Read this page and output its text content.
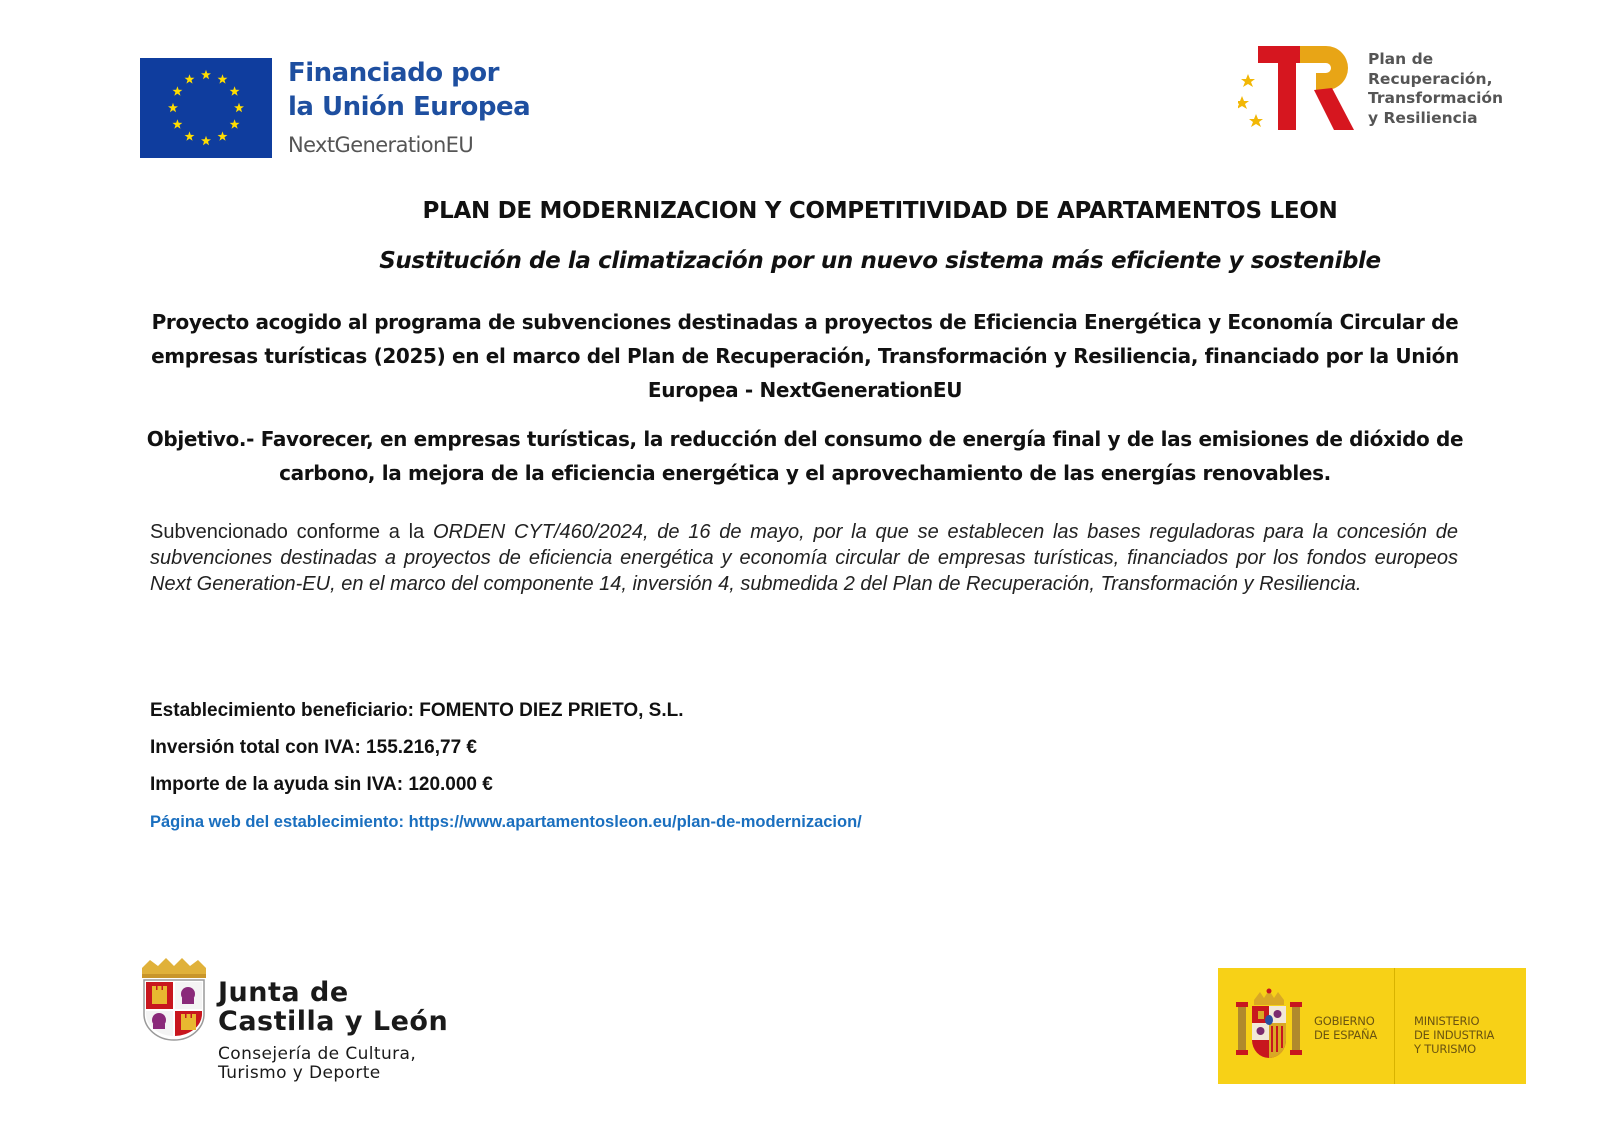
Financiado por
la Unión Europea
NextGenerationEU
Plan de
Recuperación,
Transformación
y Resiliencia
PLAN DE MODERNIZACION Y COMPETITIVIDAD DE APARTAMENTOS LEON
Sustitución de la climatización por un nuevo sistema más eficiente y sostenible
Proyecto acogido al programa de subvenciones destinadas a proyectos de Eficiencia Energética y Economía Circular de empresas turísticas (2025) en el marco del Plan de Recuperación, Transformación y Resiliencia, financiado por la Unión Europea - NextGenerationEU
Objetivo.- Favorecer, en empresas turísticas, la reducción del consumo de energía final y de las emisiones de dióxido de carbono, la mejora de la eficiencia energética y el aprovechamiento de las energías renovables.
Subvencionado conforme a la ORDEN CYT/460/2024, de 16 de mayo, por la que se establecen las bases reguladoras para la concesión de subvenciones destinadas a proyectos de eficiencia energética y economía circular de empresas turísticas, financiados por los fondos europeos Next Generation-EU, en el marco del componente 14, inversión 4, submedida 2 del Plan de Recuperación, Transformación y Resiliencia.
Establecimiento beneficiario: FOMENTO DIEZ PRIETO, S.L.
Inversión total con IVA: 155.216,77 €
Importe de la ayuda sin IVA: 120.000 €
Página web del establecimiento: https://www.apartamentosleon.eu/plan-de-modernizacion/
Junta de
Castilla y León
Consejería de Cultura,
Turismo y Deporte
GOBIERNO
DE ESPAÑA
MINISTERIO
DE INDUSTRIA
Y TURISMO
